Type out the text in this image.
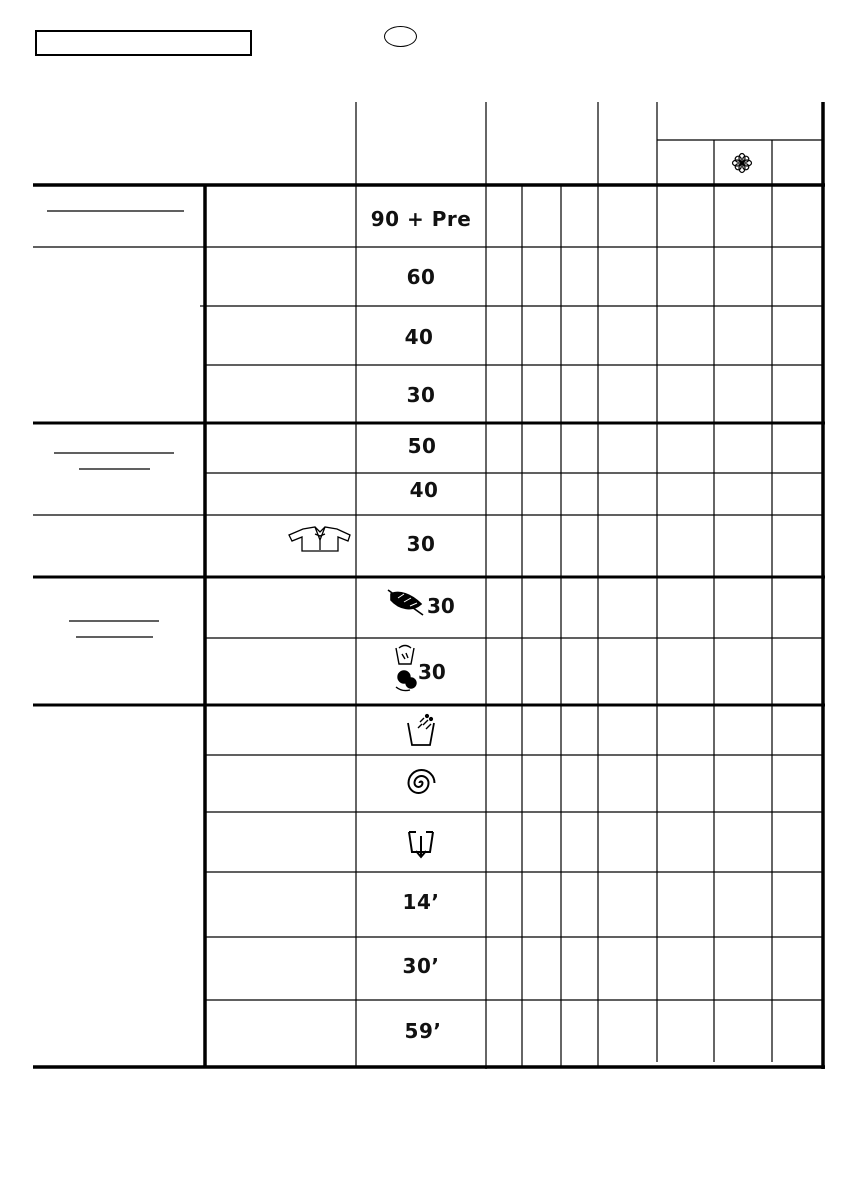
90 + Pre
60
40
30
50
40
30
30
30
14’
30’
59’
